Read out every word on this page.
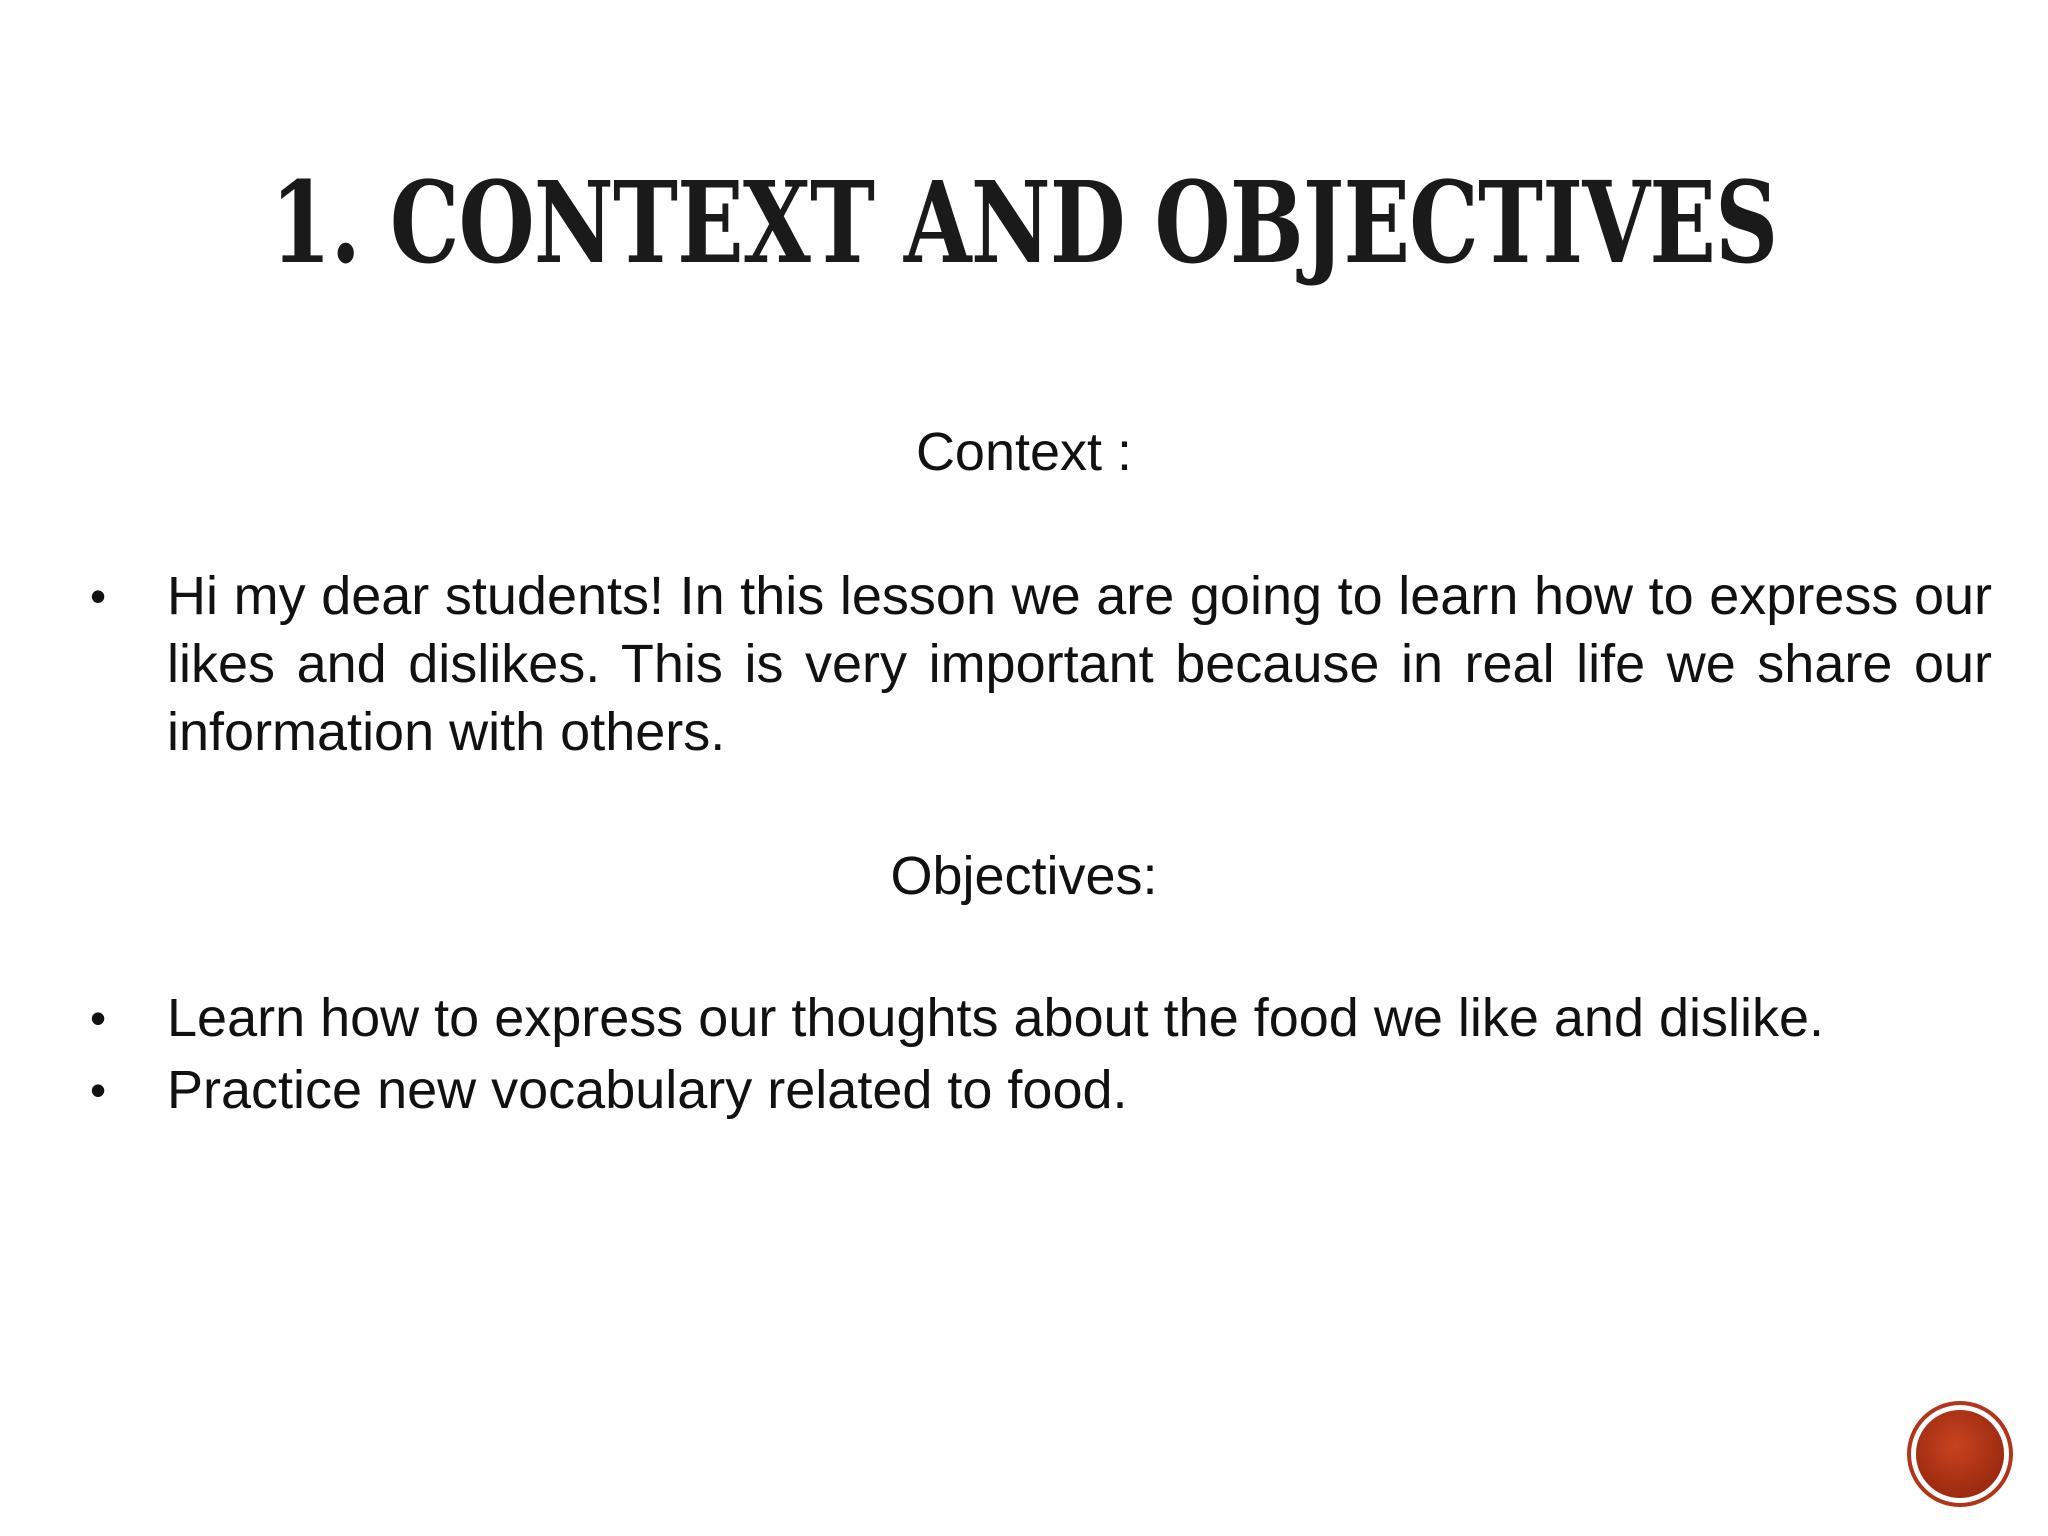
1. CONTEXT AND OBJECTIVES
Context :
• Hi my dear students! In this lesson we are going to learn how to express our likes and dislikes. This is very important because in real life we share our information with others.
Objectives:
• Learn how to express our thoughts about the food we like and dislike.
• Practice new vocabulary related to food.
